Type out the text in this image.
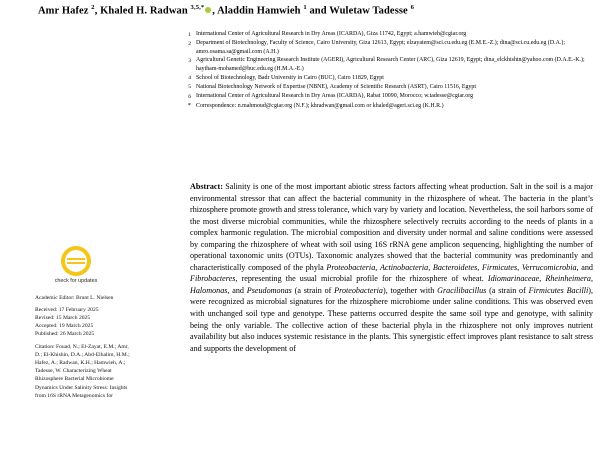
Amr Hafez $^2$, Khaled H. Radwan $^{3,5,*}$ , Aladdin Hamwieh $^1$ and Wuletaw Tadesse $^6$
1 International Center of Agricultural Research in Dry Areas (ICARDA), Giza 11742, Egypt; a.hamwieh@cgiar.org
2 Department of Biotechnology, Faculty of Science, Cairo University, Giza 12613, Egypt; elzayatem@sci.cu.edu.eg (E.M.E.-Z.); dina@sci.cu.edu.eg (D.A.); amro.osama.sa@gmail.com (A.H.)
3 Agricultural Genetic Engineering Research Institute (AGERI), Agricultural Research Center (ARC), Giza 12619, Egypt; dina_elckhishin@yahoo.com (D.A.E.-K.); haytham-mohamed@buc.edu.eg (H.M.A.-E.)
4 School of Biotechnology, Badr University in Cairo (BUC), Cairo 11829, Egypt
5 National Biotechnology Network of Expertise (NBNE), Academy of Scientific Research (ASRT), Cairo 11516, Egypt
6 International Center of Agricultural Research in Dry Areas (ICARDA), Rabat 10090, Morocco; w.tadesse@cgiar.org
* Correspondence: n.mahmoud@cgiar.org (N.F.); khradwan@gmail.com or khaled@ageri.sci.eg (K.H.R.)
check for updates
Academic Editor: Brunt L. Nielsen
Received: 17 February 2025
Revised: 15 March 2025
Accepted: 19 March 2025
Published: 26 March 2025
Citation: Fouad, N.; El-Zayat, E.M.; Amr, D.; El-Khishin, D.A.; Abd-Elhalim, H.M.; Hafez, A.; Radwan, K.H.; Hamwieh, A.; Tadesse, W. Characterizing Wheat Rhizosphere Bacterial Microbiome Dynamics Under Salinity Stress: Insights from 16S rRNA Metagenomics for
Abstract: Salinity is one of the most important abiotic stress factors affecting wheat production. Salt in the soil is a major environmental stressor that can affect the bacterial community in the rhizosphere of wheat. The bacteria in the plant’s rhizosphere promote growth and stress tolerance, which vary by variety and location. Nevertheless, the soil harbors some of the most diverse microbial communities, while the rhizosphere selectively recruits according to the needs of plants in a complex harmonic regulation. The microbial composition and diversity under normal and saline conditions were assessed by comparing the rhizosphere of wheat with soil using 16S rRNA gene amplicon sequencing, highlighting the number of operational taxonomic units (OTUs). Taxonomic analyzes showed that the bacterial community was predominantly and characteristically composed of the phyla Proteobacteria, Actinobacteria, Bacteroidetes, Firmicutes, Verrucomicrobia, and Fibrobacteres, representing the usual microbial profile for the rhizosphere of wheat. Idiomarinaceae, Rheinheimera, Halomonas, and Pseudomonas (a strain of Proteobacteria), together with Gracilibacillus (a strain of Firmicutes Bacilli), were recognized as microbial signatures for the rhizosphere microbiome under saline conditions. This was observed even with unchanged soil type and genotype. These patterns occurred despite the same soil type and genotype, with salinity being the only variable. The collective action of these bacterial phyla in the rhizosphere not only improves nutrient availability but also induces systemic resistance in the plants. This synergistic effect improves plant resistance to salt stress and supports the development of
